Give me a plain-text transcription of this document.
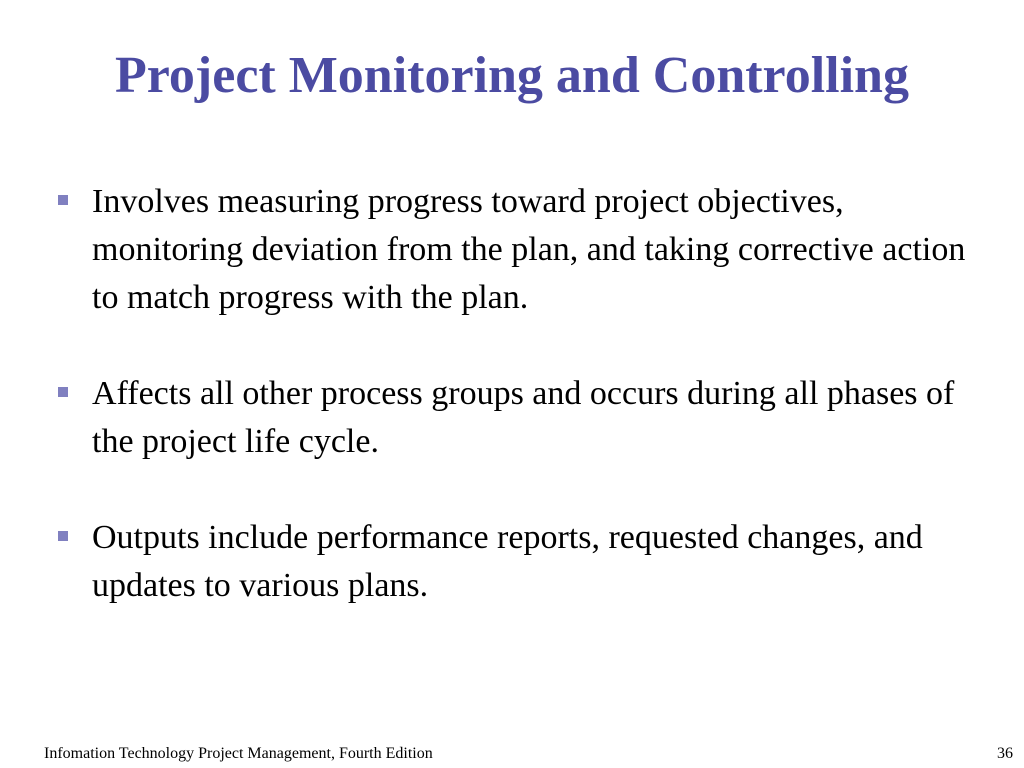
Project Monitoring and Controlling
Involves measuring progress toward project objectives, monitoring deviation from the plan, and taking corrective action to match progress with the plan.
Affects all other process groups and occurs during all phases of the project life cycle.
Outputs include performance reports, requested changes, and updates to various plans.
Infomation Technology Project Management, Fourth Edition	36
